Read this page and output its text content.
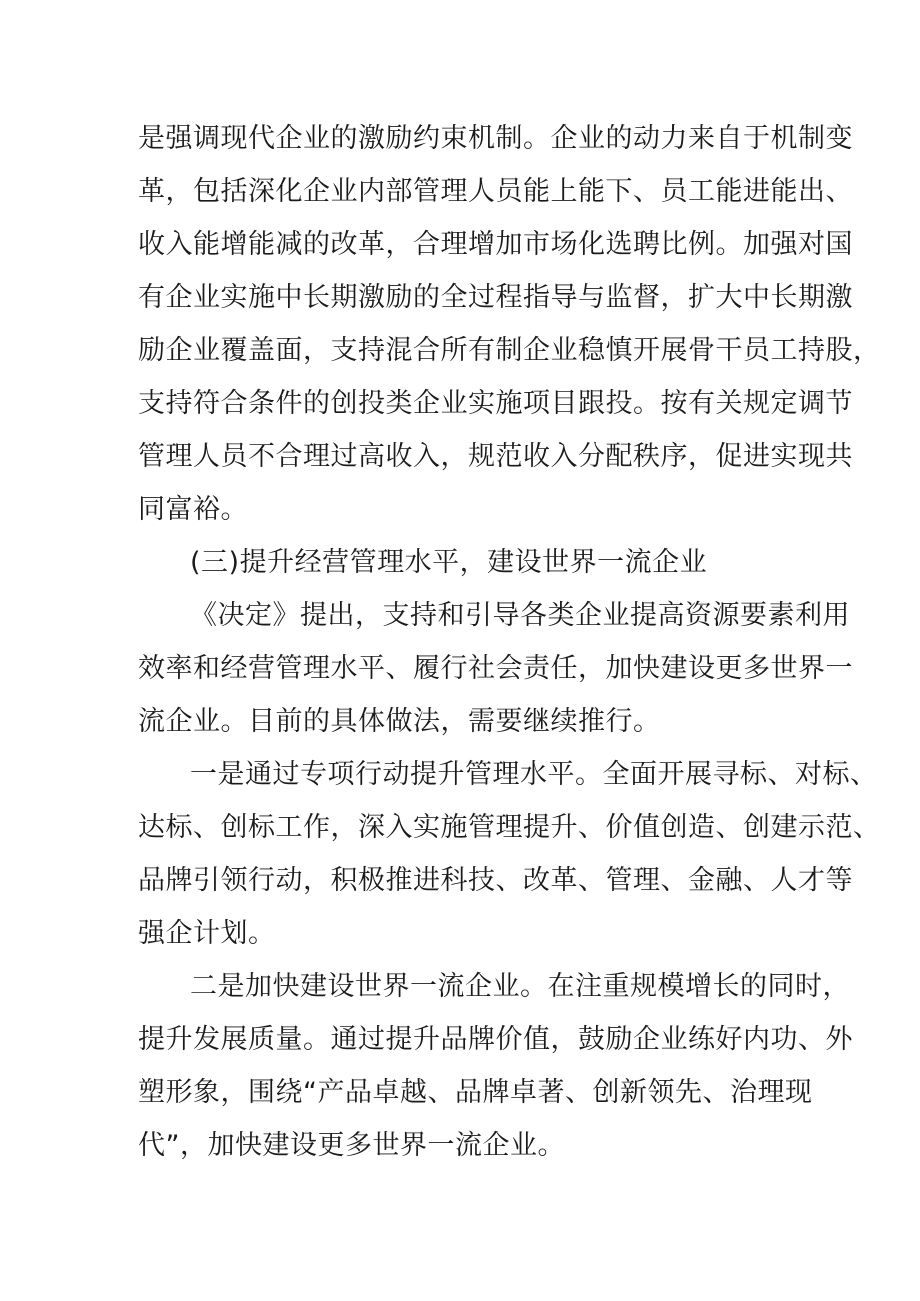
是强调现代企业的激励约束机制。企业的动力来自于机制变
革，包括深化企业内部管理人员能上能下、员工能进能出、
收入能增能减的改革，合理增加市场化选聘比例。加强对国
有企业实施中长期激励的全过程指导与监督，扩大中长期激
励企业覆盖面，支持混合所有制企业稳慎开展骨干员工持股，
支持符合条件的创投类企业实施项目跟投。按有关规定调节
管理人员不合理过高收入，规范收入分配秩序，促进实现共
同富裕。
(三)提升经营管理水平，建设世界一流企业
《决定》提出，支持和引导各类企业提高资源要素利用
效率和经营管理水平、履行社会责任，加快建设更多世界一
流企业。目前的具体做法，需要继续推行。
一是通过专项行动提升管理水平。全面开展寻标、对标、
达标、创标工作，深入实施管理提升、价值创造、创建示范、
品牌引领行动，积极推进科技、改革、管理、金融、人才等
强企计划。
二是加快建设世界一流企业。在注重规模增长的同时，
提升发展质量。通过提升品牌价值，鼓励企业练好内功、外
塑形象，围绕“产品卓越、品牌卓著、创新领先、治理现
代”，加快建设更多世界一流企业。
